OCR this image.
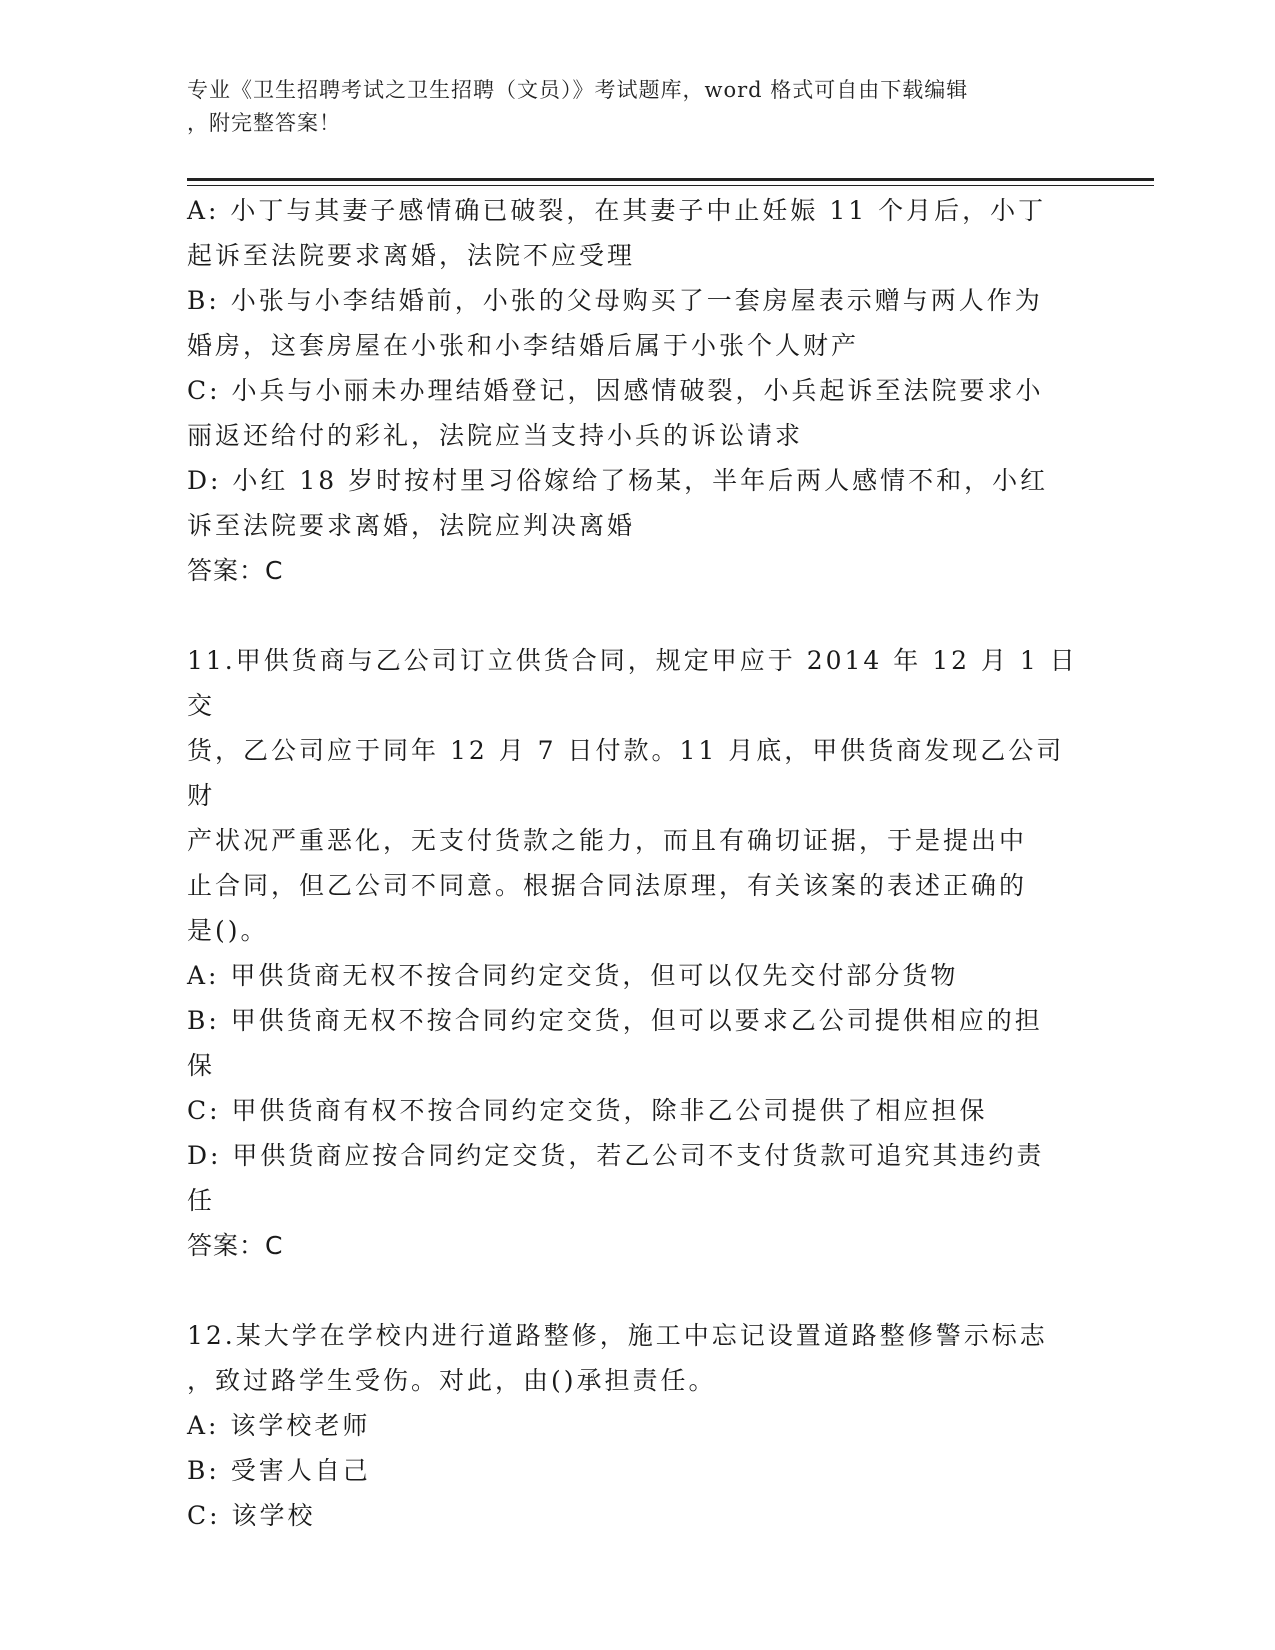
专业《卫生招聘考试之卫生招聘（文员）》考试题库，word 格式可自由下载编辑
，附完整答案！
A: 小丁与其妻子感情确已破裂，在其妻子中止妊娠 11 个月后，小丁
起诉至法院要求离婚，法院不应受理
B: 小张与小李结婚前，小张的父母购买了一套房屋表示赠与两人作为
婚房，这套房屋在小张和小李结婚后属于小张个人财产
C: 小兵与小丽未办理结婚登记，因感情破裂，小兵起诉至法院要求小
丽返还给付的彩礼，法院应当支持小兵的诉讼请求
D: 小红 18 岁时按村里习俗嫁给了杨某，半年后两人感情不和，小红
诉至法院要求离婚，法院应判决离婚
答案：C
11.甲供货商与乙公司订立供货合同，规定甲应于 2014 年 12 月 1 日交
货，乙公司应于同年 12 月 7 日付款。11 月底，甲供货商发现乙公司财
产状况严重恶化，无支付货款之能力，而且有确切证据，于是提出中
止合同，但乙公司不同意。根据合同法原理，有关该案的表述正确的
是()。
A: 甲供货商无权不按合同约定交货，但可以仅先交付部分货物
B: 甲供货商无权不按合同约定交货，但可以要求乙公司提供相应的担
保
C: 甲供货商有权不按合同约定交货，除非乙公司提供了相应担保
D: 甲供货商应按合同约定交货，若乙公司不支付货款可追究其违约责
任
答案：C
12.某大学在学校内进行道路整修，施工中忘记设置道路整修警示标志
，致过路学生受伤。对此，由()承担责任。
A: 该学校老师
B: 受害人自己
C: 该学校
